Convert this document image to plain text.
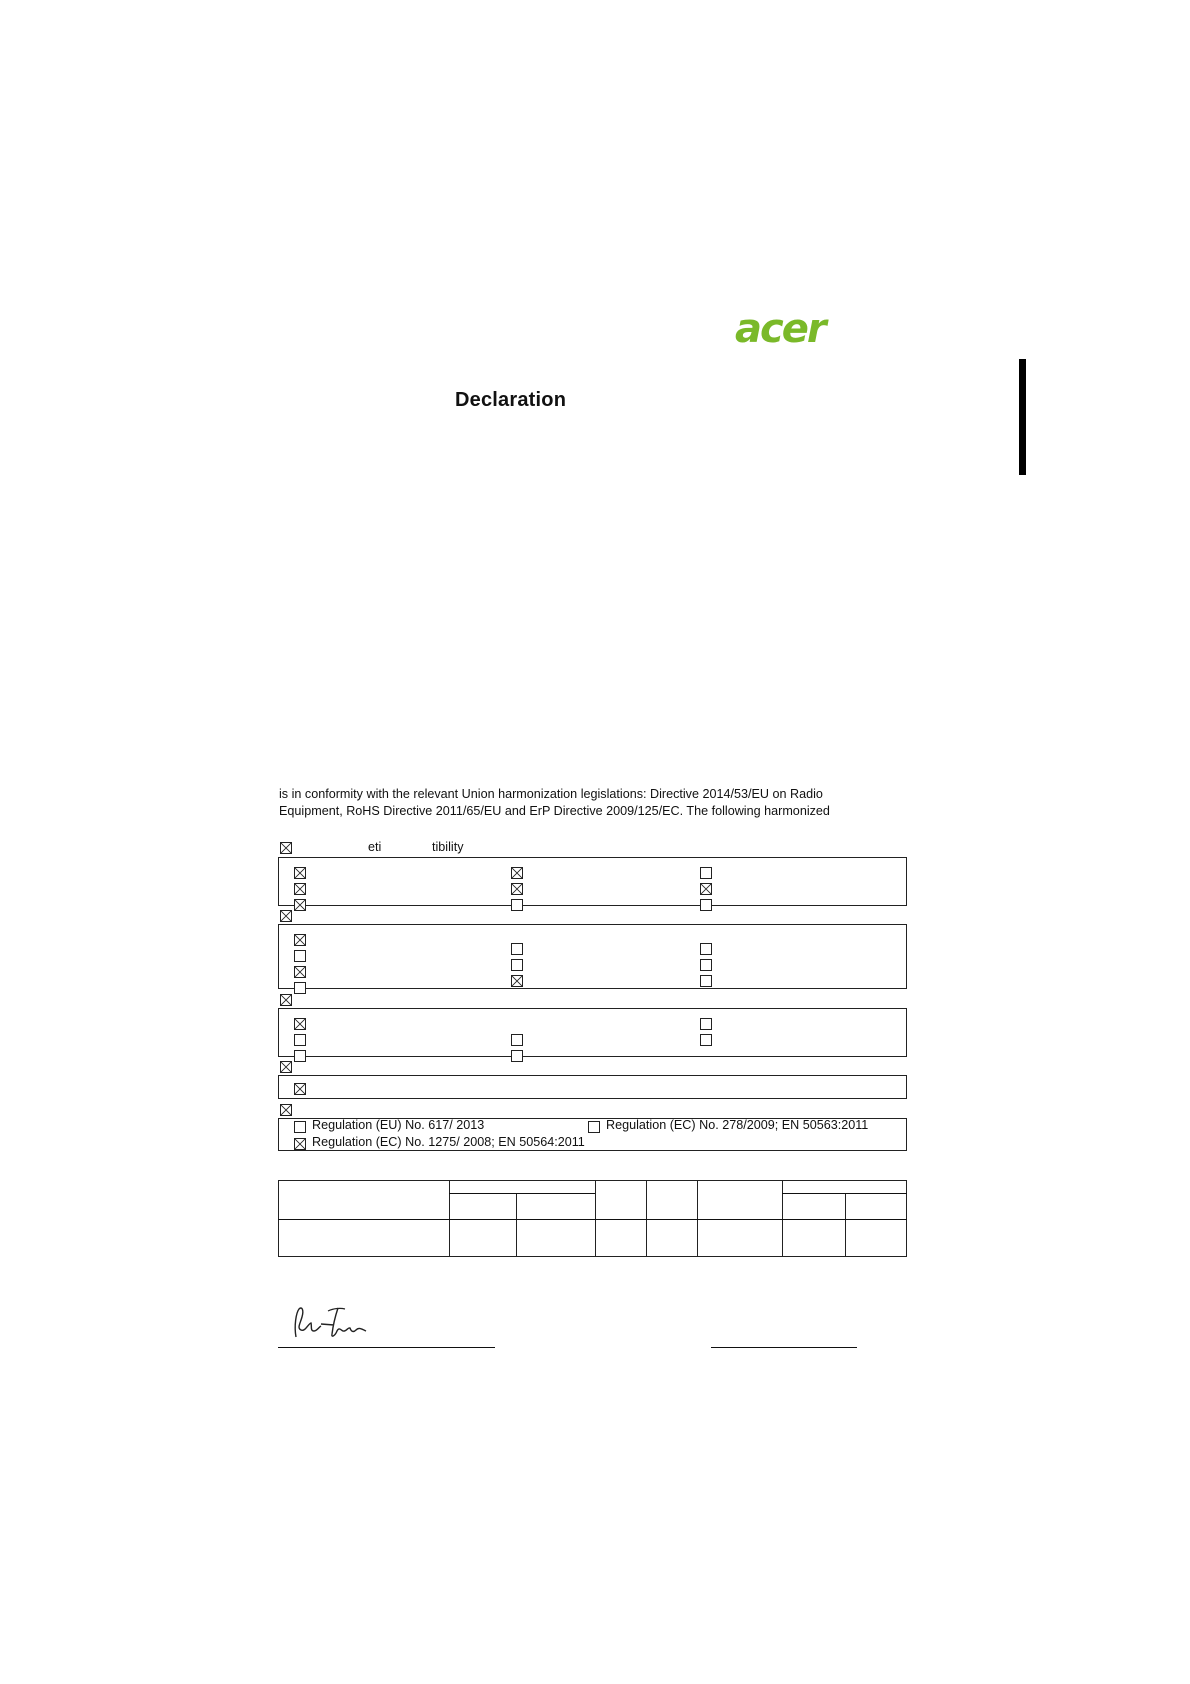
acer
Declaration
is in conformity with the relevant Union harmonization legislations: Directive 2014/53/EU on Radio
Equipment, RoHS Directive 2011/65/EU and ErP Directive 2009/125/EC. The following harmonized
eti	tibility
Regulation (EU) No. 617/ 2013	Regulation (EC) No. 278/2009; EN 50563:2011
Regulation (EC) No. 1275/ 2008; EN 50564:2011
